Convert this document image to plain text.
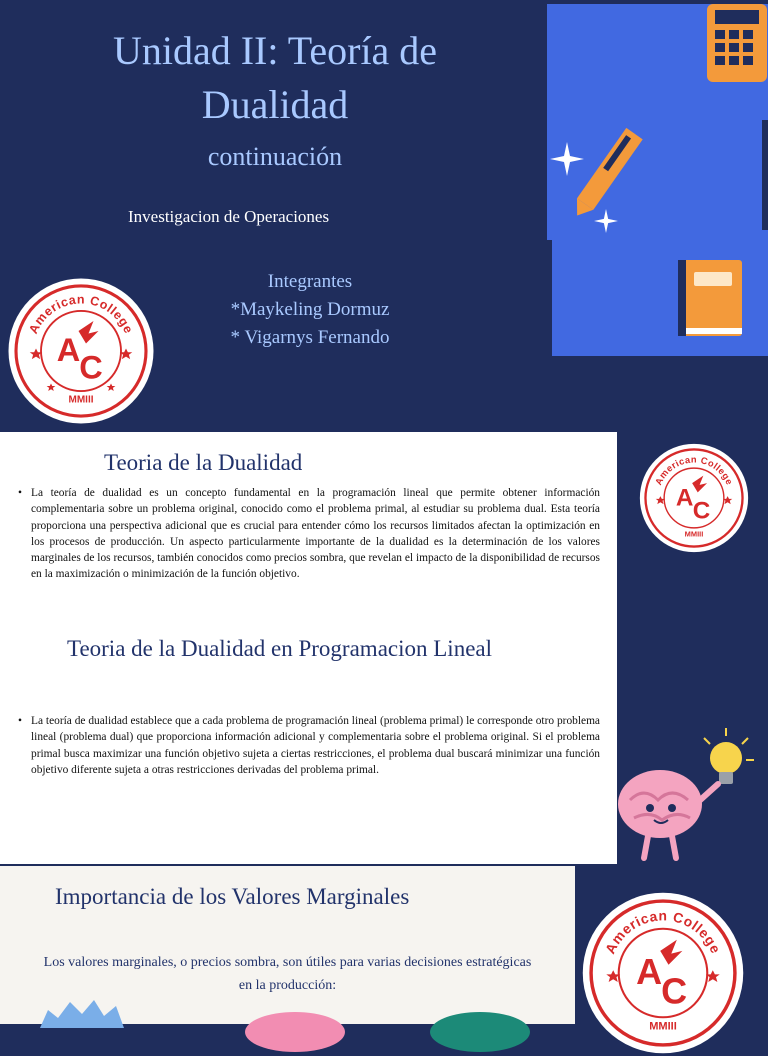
Unidad II: Teoría de
Dualidad
continuación
Investigacion de Operaciones
Integrantes
*Maykeling Dormuz
* Vigarnys Fernando
American College
MMIII
A C
Teoria de la Dualidad
• La teoría de dualidad es un concepto fundamental en la programación lineal que permite obtener información complementaria sobre un problema original, conocido como el problema primal, al estudiar su problema dual. Esta teoría proporciona una perspectiva adicional que es crucial para entender cómo los recursos limitados afectan la optimización en los procesos de producción. Un aspecto particularmente importante de la dualidad es la determinación de los valores marginales de los recursos, también conocidos como precios sombra, que revelan el impacto de la disponibilidad de recursos en la maximización o minimización de la función objetivo.
Teoria de la Dualidad en Programacion Lineal
• La teoría de dualidad establece que a cada problema de programación lineal (problema primal) le corresponde otro problema lineal (problema dual) que proporciona información adicional y complementaria sobre el problema original. Si el problema primal busca maximizar una función objetivo sujeta a ciertas restricciones, el problema dual buscará minimizar una función objetivo diferente sujeta a otras restricciones derivadas del problema primal.
American College
MMIII
A C
Importancia de los Valores Marginales
Los valores marginales, o precios sombra, son útiles para varias decisiones estratégicas en la producción:
American College
MMIII
A
C
